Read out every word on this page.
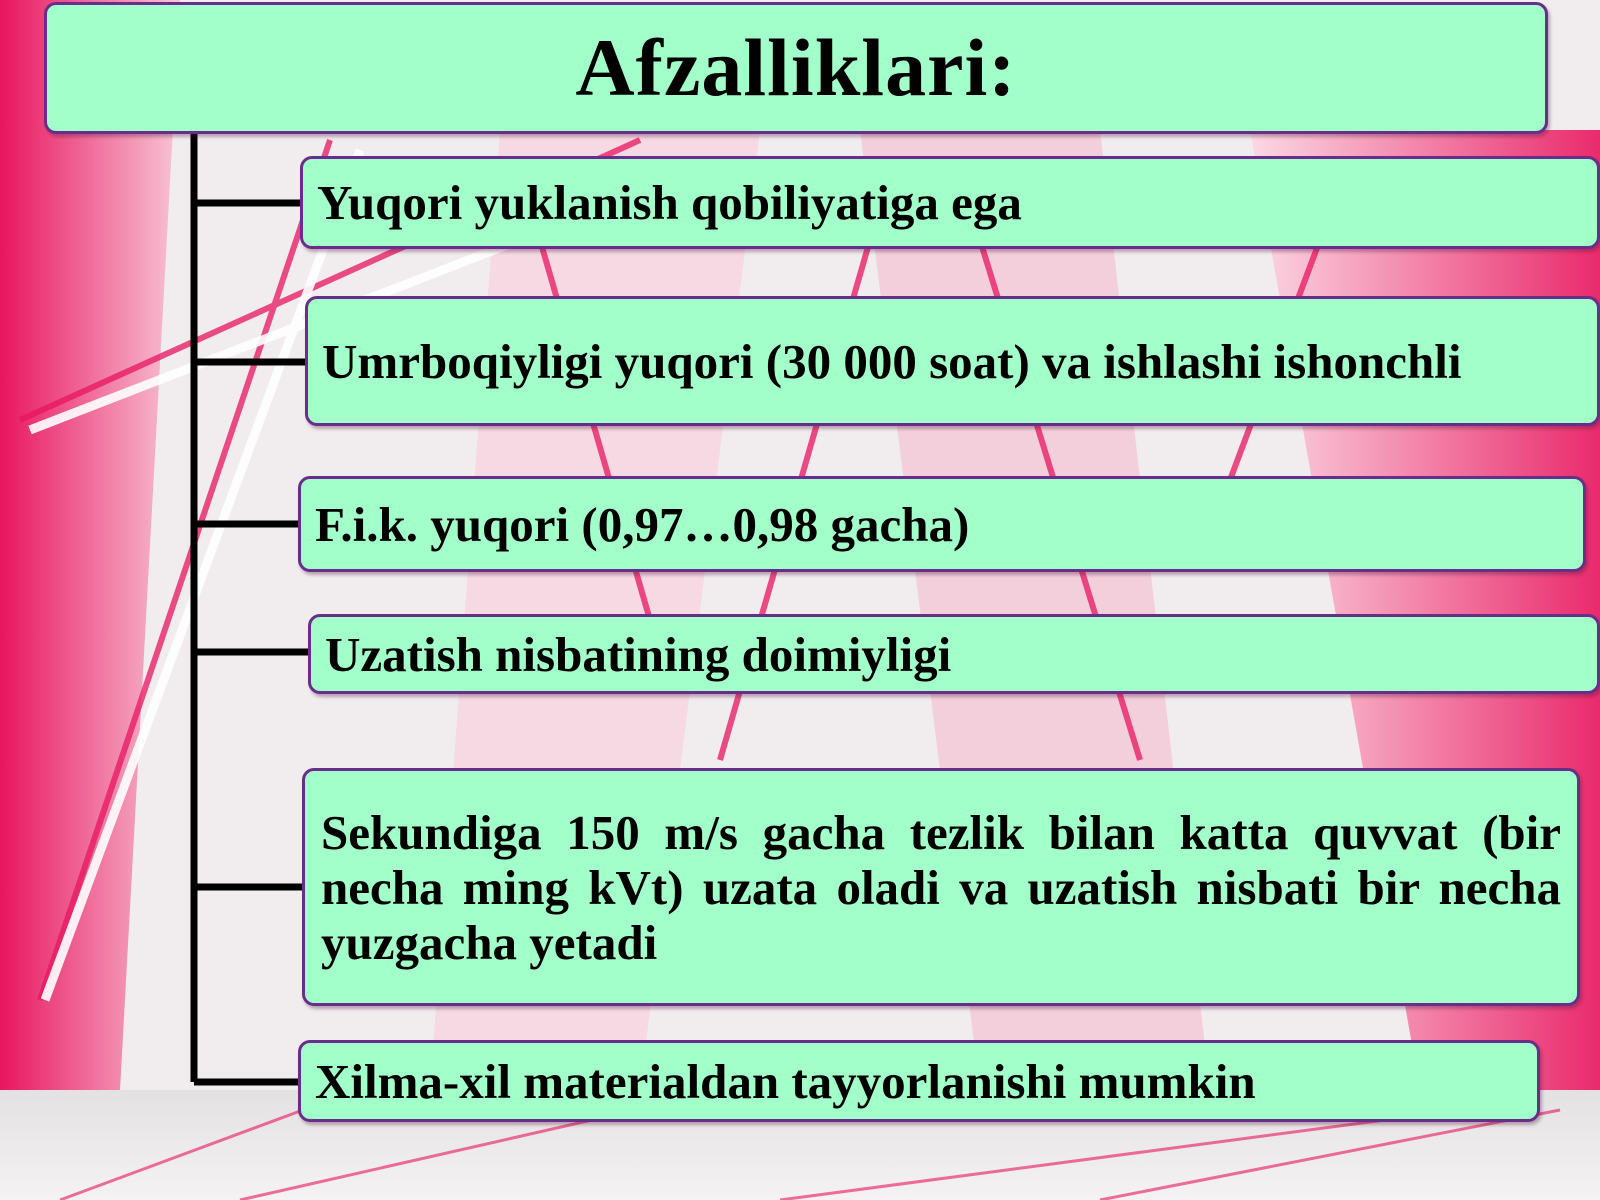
Afzalliklari:
Yuqori yuklanish qobiliyatiga ega
Umrboqiyligi yuqori (30 000 soat) va ishlashi ishonchli
F.i.k. yuqori (0,97…0,98 gacha)
Uzatish nisbatining doimiyligi
Sekundiga 150 m/s gacha tezlik bilan katta quvvat (bir necha ming kVt) uzata oladi va uzatish nisbati bir necha yuzgacha yetadi
Xilma-xil materialdan tayyorlanishi mumkin
